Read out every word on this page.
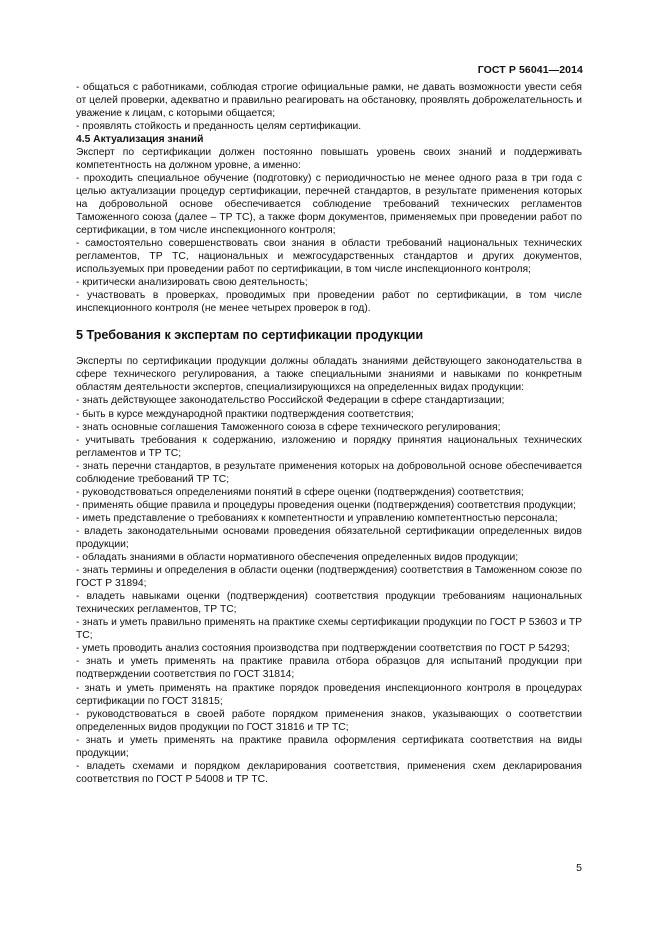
ГОСТ Р 56041—2014

- общаться с работниками, соблюдая строгие официальные рамки, не давать возможности увести себя от целей проверки, адекватно и правильно реагировать на обстановку, проявлять доброжелательность и уважение к лицам, с которыми общается;

- проявлять стойкость и преданность целям сертификации.

4.5 Актуализация знаний

Эксперт по сертификации должен постоянно повышать уровень своих знаний и поддерживать компетентность на должном уровне, а именно:

- проходить специальное обучение (подготовку) с периодичностью не менее одного раза в три года с целью актуализации процедур сертификации, перечней стандартов, в результате применения которых на добровольной основе обеспечивается соблюдение требований технических регламентов Таможенного союза (далее – ТР ТС), а также форм документов, применяемых при проведении работ по сертификации, в том числе инспекционного контроля;

- самостоятельно совершенствовать свои знания в области требований национальных технических регламентов, ТР ТС, национальных и межгосударственных стандартов и других документов, используемых при проведении работ по сертификации, в том числе инспекционного контроля;

- критически анализировать свою деятельность;

- участвовать в проверках, проводимых при проведении работ по сертификации, в том числе инспекционного контроля (не менее четырех проверок в год).

5 Требования к экспертам по сертификации продукции

Эксперты по сертификации продукции должны обладать знаниями действующего законодательства в сфере технического регулирования, а также специальными знаниями и навыками по конкретным областям деятельности экспертов, специализирующихся на определенных видах продукции:

- знать действующее законодательство Российской Федерации в сфере стандартизации;

- быть в курсе международной практики подтверждения соответствия;

- знать основные соглашения Таможенного союза в сфере технического регулирования;

- учитывать требования к содержанию, изложению и порядку принятия национальных технических регламентов и ТР ТС;

- знать перечни стандартов, в результате применения которых на добровольной основе обеспечивается соблюдение требований ТР ТС;

- руководствоваться определениями понятий в сфере оценки (подтверждения) соответствия;

- применять общие правила и процедуры проведения оценки (подтверждения) соответствия продукции;

- иметь представление о требованиях к компетентности и управлению компетентностью персонала;

- владеть законодательными основами проведения обязательной сертификации определенных видов продукции;

- обладать знаниями в области нормативного обеспечения определенных видов продукции;

- знать термины и определения в области оценки (подтверждения) соответствия в Таможенном союзе по ГОСТ Р 31894;

- владеть навыками оценки (подтверждения) соответствия продукции требованиям национальных технических регламентов, ТР ТС;

- знать и уметь правильно применять на практике схемы сертификации продукции по ГОСТ Р 53603 и ТР ТС;

- уметь проводить анализ состояния производства при подтверждении соответствия по ГОСТ Р 54293;

- знать и уметь применять на практике правила отбора образцов для испытаний продукции при подтверждении соответствия по ГОСТ 31814;

- знать и уметь применять на практике порядок проведения инспекционного контроля в процедурах сертификации по ГОСТ 31815;

- руководствоваться в своей работе порядком применения знаков, указывающих о соответствии определенных видов продукции по ГОСТ 31816 и ТР ТС;

- знать и уметь применять на практике правила оформления сертификата соответствия на виды продукции;

- владеть схемами и порядком декларирования соответствия, применения схем декларирования соответствия по ГОСТ Р 54008 и ТР ТС.

5
